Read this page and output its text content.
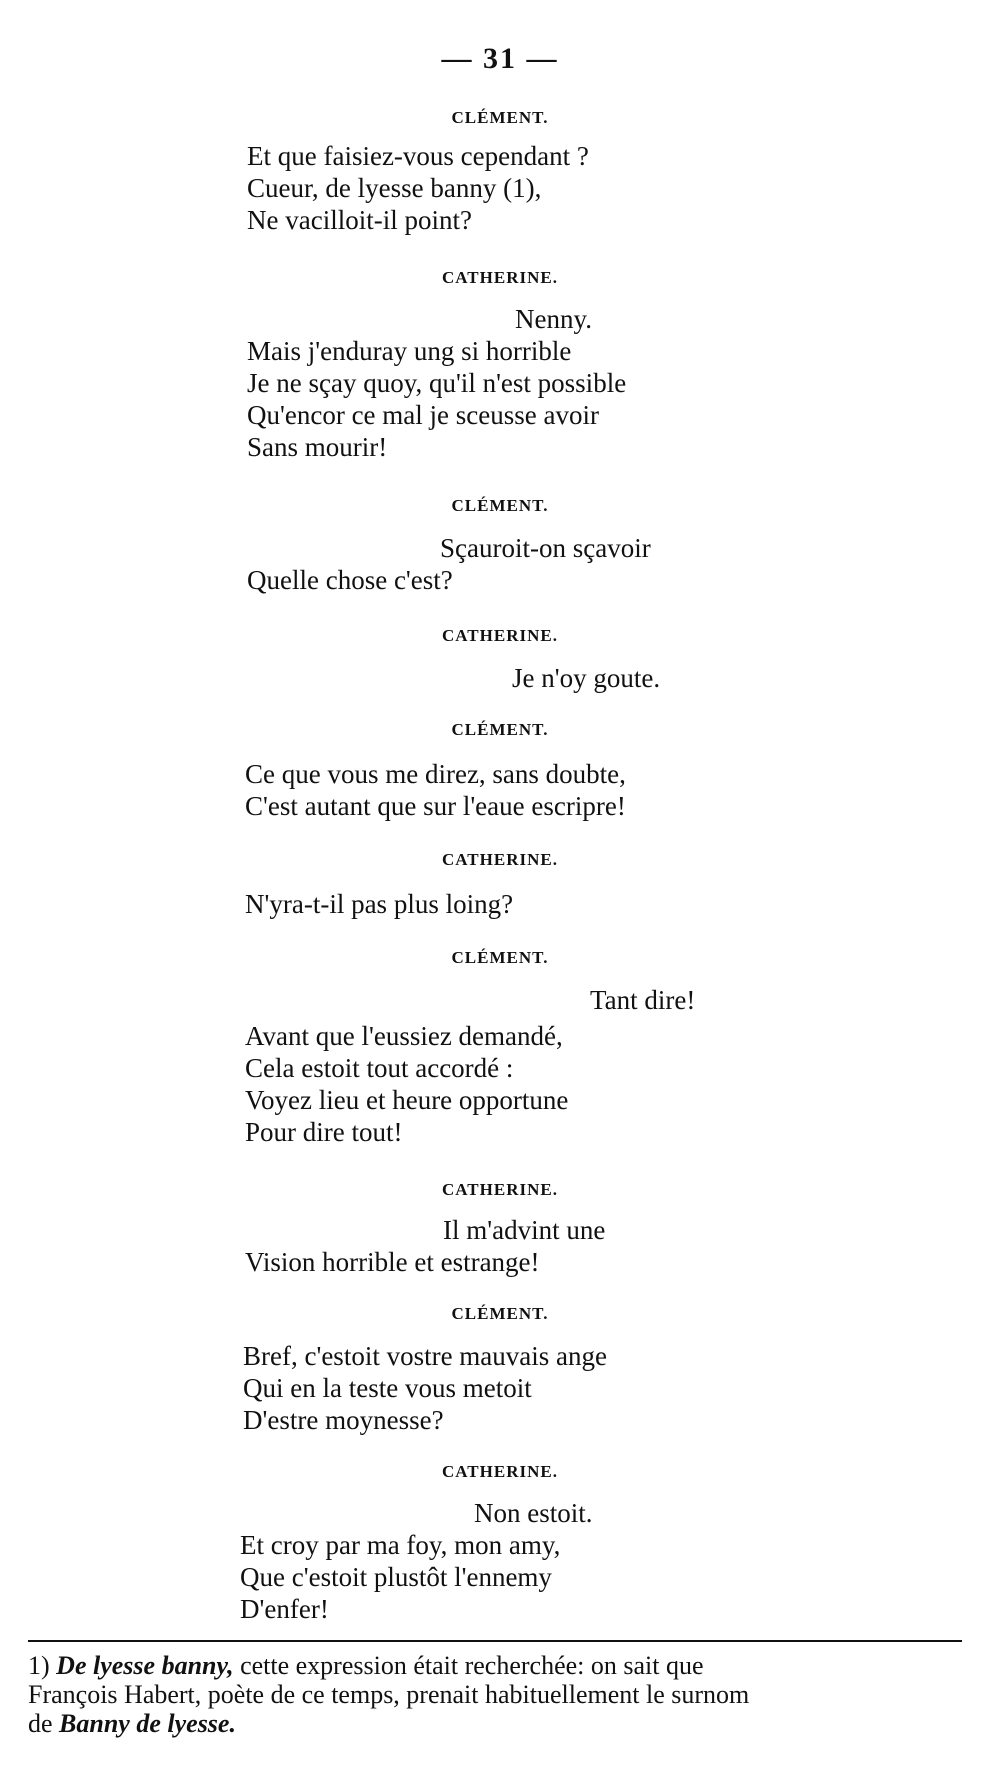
— 31 —
CLÉMENT.
Et que faisiez-vous cependant ?
Cueur, de lyesse banny (1),
Ne vacilloit-il point?
CATHERINE.
Nenny.
Mais j'enduray ung si horrible
Je ne sçay quoy, qu'il n'est possible
Qu'encor ce mal je sceusse avoir
Sans mourir!
CLÉMENT.
Sçauroit-on sçavoir
Quelle chose c'est?
CATHERINE.
Je n'oy goute.
CLÉMENT.
Ce que vous me direz, sans doubte,
C'est autant que sur l'eaue escripre!
CATHERINE.
N'yra-t-il pas plus loing?
CLÉMENT.
Tant dire!
Avant que l'eussiez demandé,
Cela estoit tout accordé :
Voyez lieu et heure opportune
Pour dire tout!
CATHERINE.
Il m'advint une
Vision horrible et estrange!
CLÉMENT.
Bref, c'estoit vostre mauvais ange
Qui en la teste vous metoit
D'estre moynesse?
CATHERINE.
Non estoit.
Et croy par ma foy, mon amy,
Que c'estoit plustôt l'ennemy
D'enfer!
1) De lyesse banny, cette expression était recherchée: on sait que
François Habert, poète de ce temps, prenait habituellement le surnom
de Banny de lyesse.
